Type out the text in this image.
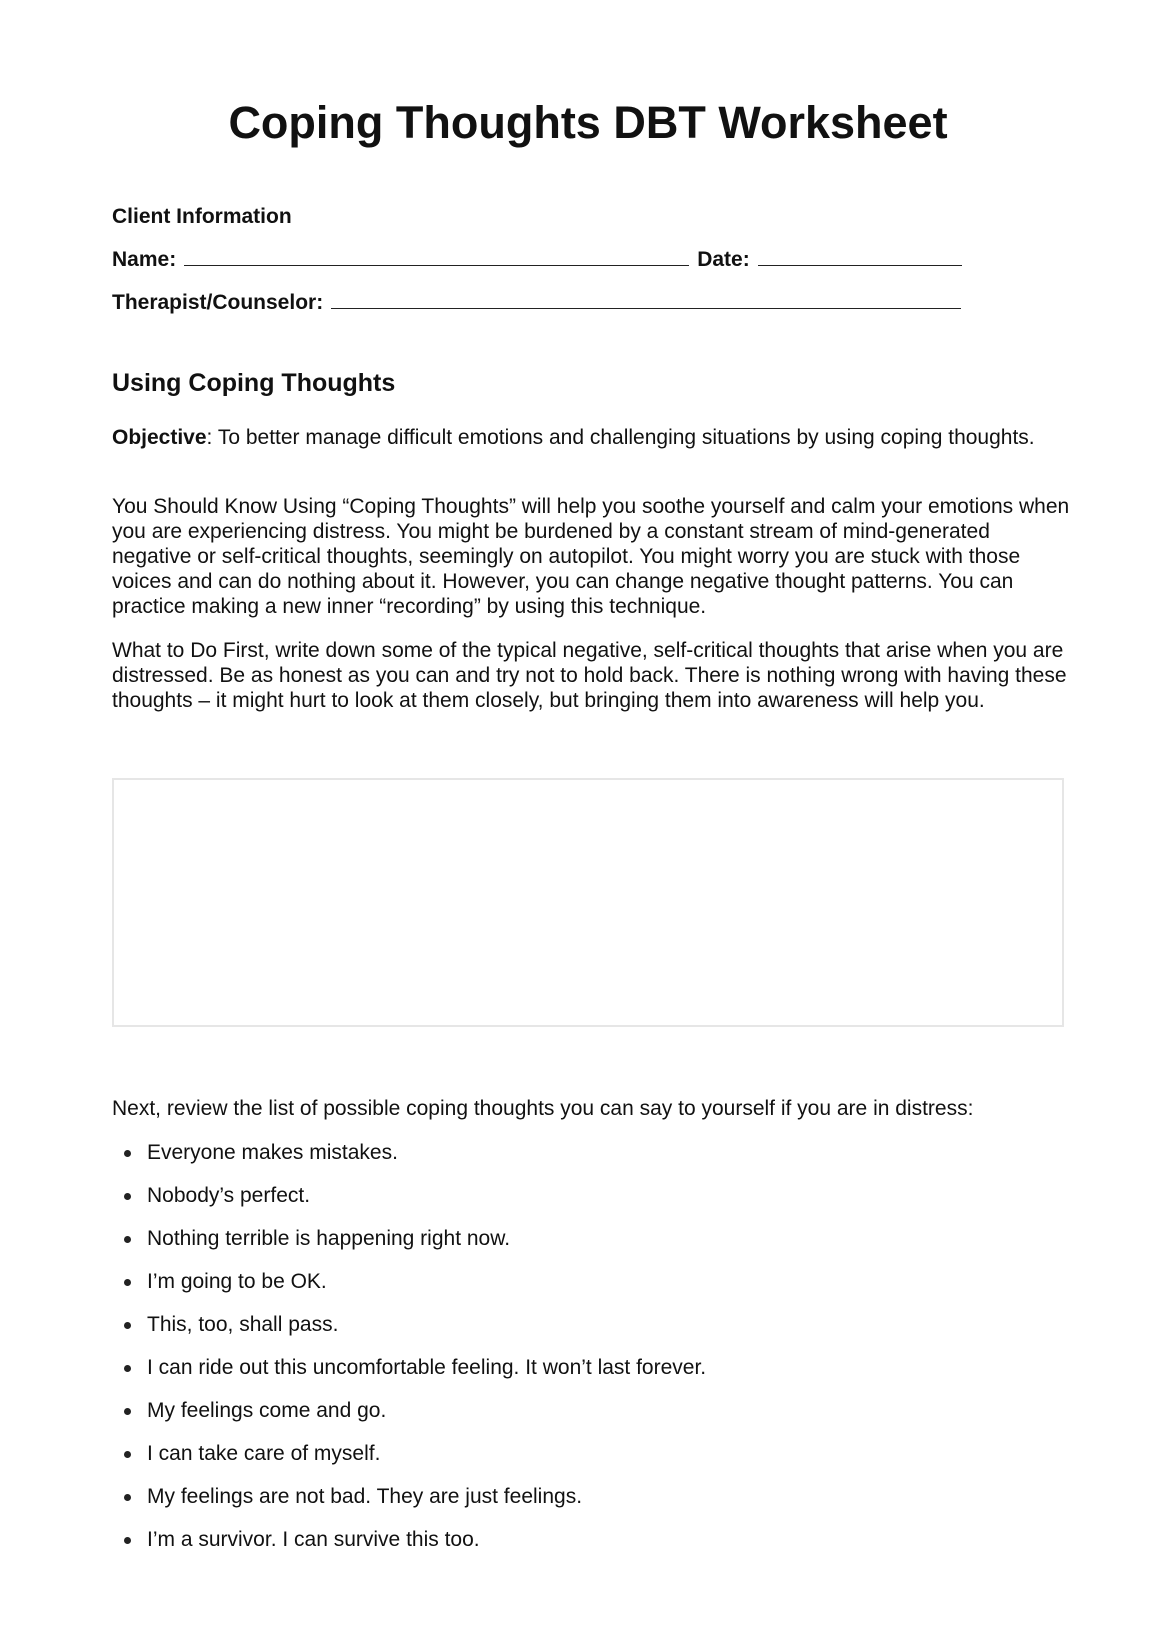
Coping Thoughts DBT Worksheet
Client Information
Name:	Date:
Therapist/Counselor:
Using Coping Thoughts

Objective: To better manage difficult emotions and challenging situations by using coping thoughts.

You Should Know Using “Coping Thoughts” will help you soothe yourself and calm your emotions when you are experiencing distress. You might be burdened by a constant stream of mind-generated negative or self-critical thoughts, seemingly on autopilot. You might worry you are stuck with those voices and can do nothing about it. However, you can change negative thought patterns. You can practice making a new inner “recording” by using this technique.

What to Do First, write down some of the typical negative, self-critical thoughts that arise when you are distressed. Be as honest as you can and try not to hold back. There is nothing wrong with having these thoughts – it might hurt to look at them closely, but bringing them into awareness will help you.

Next, review the list of possible coping thoughts you can say to yourself if you are in distress:

Everyone makes mistakes.
Nobody’s perfect.
Nothing terrible is happening right now.
I’m going to be OK.
This, too, shall pass.
I can ride out this uncomfortable feeling. It won’t last forever.
My feelings come and go.
I can take care of myself.
My feelings are not bad. They are just feelings.
I’m a survivor. I can survive this too.
